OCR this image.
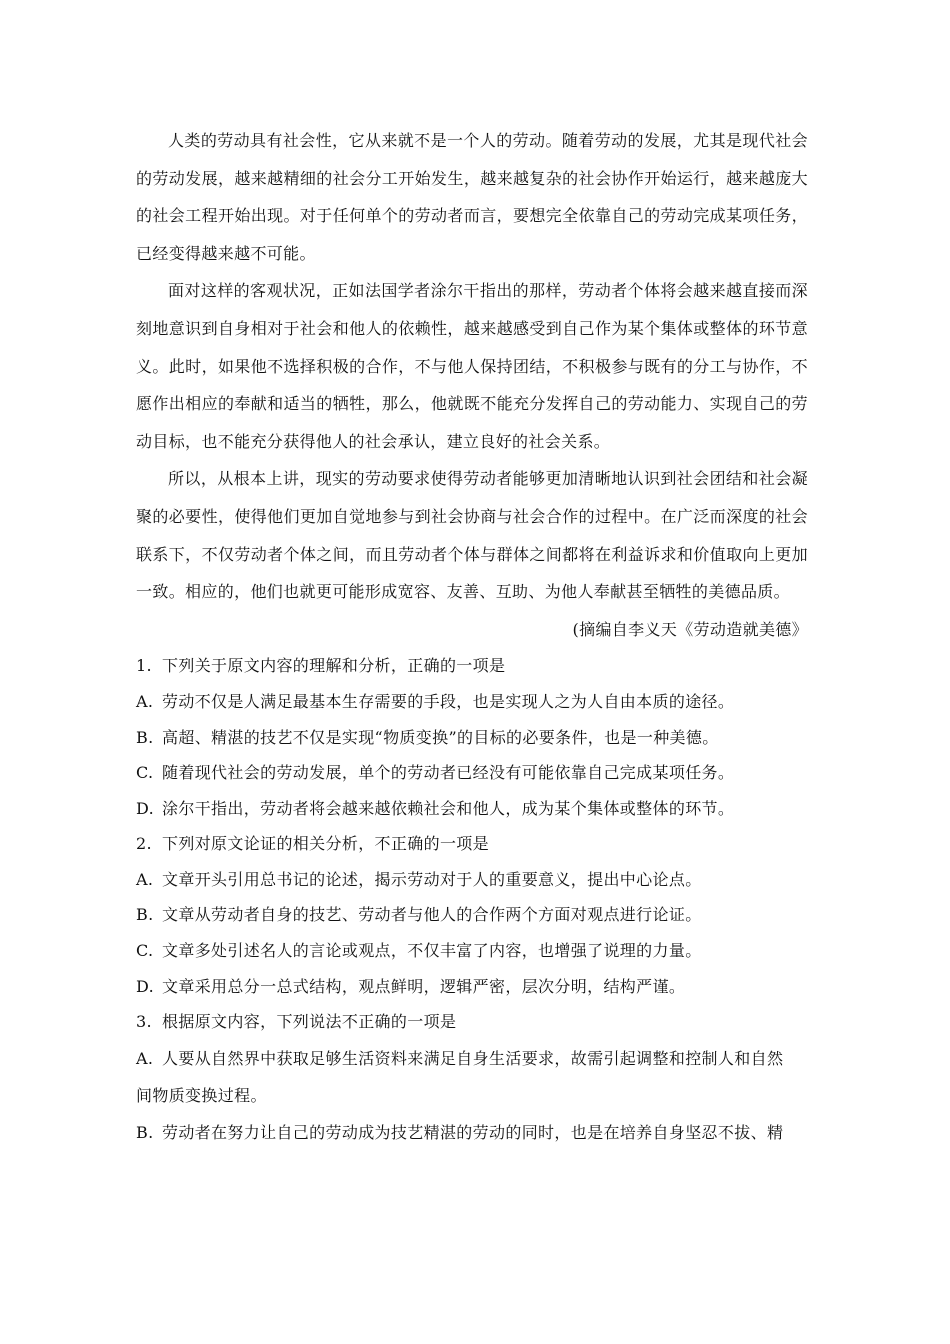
人类的劳动具有社会性，它从来就不是一个人的劳动。随着劳动的发展，尤其是现代社会的劳动发展，越来越精细的社会分工开始发生，越来越复杂的社会协作开始运行，越来越庞大的社会工程开始出现。对于任何单个的劳动者而言，要想完全依靠自己的劳动完成某项任务，已经变得越来越不可能。

面对这样的客观状况，正如法国学者涂尔干指出的那样，劳动者个体将会越来越直接而深刻地意识到自身相对于社会和他人的依赖性，越来越感受到自己作为某个集体或整体的环节意义。此时，如果他不选择积极的合作，不与他人保持团结，不积极参与既有的分工与协作，不愿作出相应的奉献和适当的牺牲，那么，他就既不能充分发挥自己的劳动能力、实现自己的劳动目标，也不能充分获得他人的社会承认，建立良好的社会关系。

所以，从根本上讲，现实的劳动要求使得劳动者能够更加清晰地认识到社会团结和社会凝聚的必要性，使得他们更加自觉地参与到社会协商与社会合作的过程中。在广泛而深度的社会联系下，不仅劳动者个体之间，而且劳动者个体与群体之间都将在利益诉求和价值取向上更加一致。相应的，他们也就更可能形成宽容、友善、互助、为他人奉献甚至牺牲的美德品质。

(摘编自李义天《劳动造就美德》

1. 下列关于原文内容的理解和分析，正确的一项是

A. 劳动不仅是人满足最基本生存需要的手段，也是实现人之为人自由本质的途径。

B. 高超、精湛的技艺不仅是实现“物质变换”的目标的必要条件，也是一种美德。

C. 随着现代社会的劳动发展，单个的劳动者已经没有可能依靠自己完成某项任务。

D. 涂尔干指出，劳动者将会越来越依赖社会和他人，成为某个集体或整体的环节。

2. 下列对原文论证的相关分析，不正确的一项是

A. 文章开头引用总书记的论述，揭示劳动对于人的重要意义，提出中心论点。

B. 文章从劳动者自身的技艺、劳动者与他人的合作两个方面对观点进行论证。

C. 文章多处引述名人的言论或观点，不仅丰富了内容，也增强了说理的力量。

D. 文章采用总分一总式结构，观点鲜明，逻辑严密，层次分明，结构严谨。

3. 根据原文内容，下列说法不正确的一项是

A. 人要从自然界中获取足够生活资料来满足自身生活要求，故需引起调整和控制人和自然
间物质变换过程。

B. 劳动者在努力让自己的劳动成为技艺精湛的劳动的同时，也是在培养自身坚忍不拔、精
